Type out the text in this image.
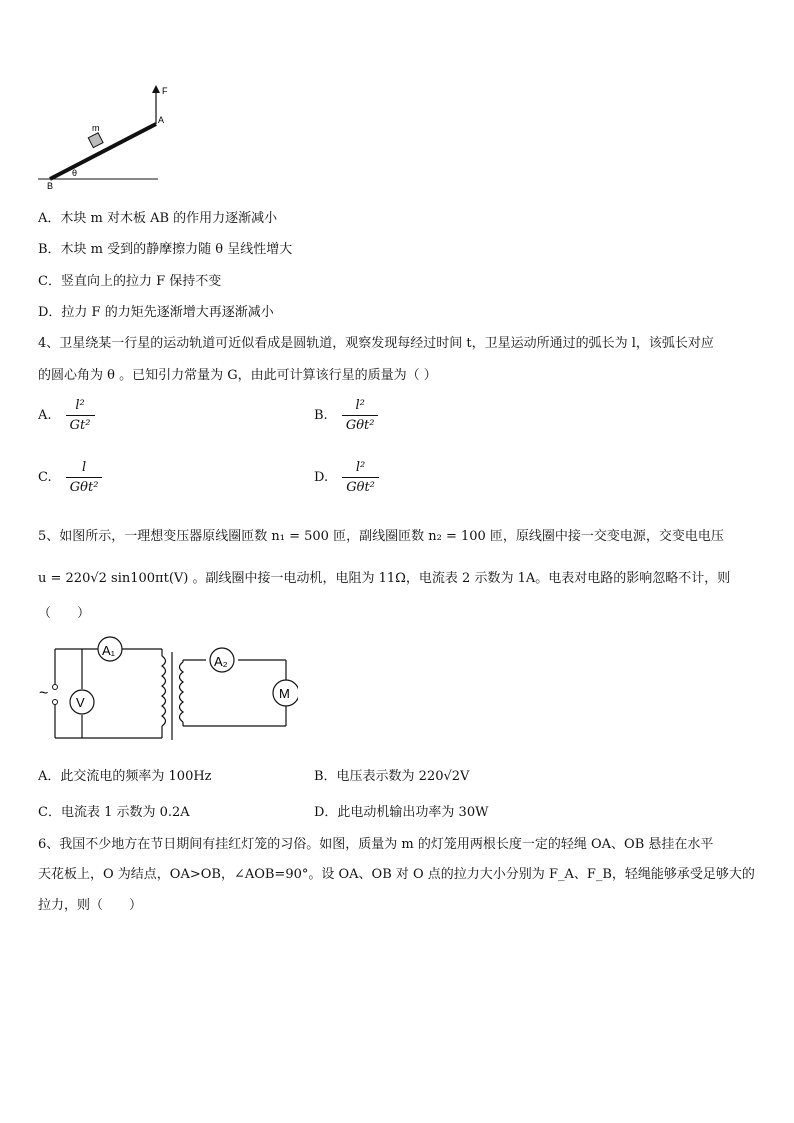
F
A
m
θ
B
A．木块 m 对木板 AB 的作用力逐渐减小
B．木块 m 受到的静摩擦力随 θ 呈线性增大
C．竖直向上的拉力 F 保持不变
D．拉力 F 的力矩先逐渐增大再逐渐减小
4、卫星绕某一行星的运动轨道可近似看成是圆轨道，观察发现每经过时间 t，卫星运动所通过的弧长为 l，该弧长对应
的圆心角为 θ 。已知引力常量为 G，由此可计算该行星的质量为（ ）
A. $\frac{\text{l²}}{\text{Gt²}}$	B. $\frac{\text{l²}}{\text{Gθt²}}$
C. $\frac{l}{\text{Gθt²}}$	D. $\frac{\text{l²}}{\text{Gθt²}}$
5、如图所示，一理想变压器原线圈匝数 n₁ = 500 匝，副线圈匝数 n₂ = 100 匝，原线圈中接一交变电源，交变电电压
u = 220√2 sin100πt(V) 。副线圈中接一电动机，电阻为 11Ω，电流表 2 示数为 1A。电表对电路的影响忽略不计，则
（　　）
~
A₁
V
A₂
M
A．此交流电的频率为 100Hz	B．电压表示数为 220√2V
C．电流表 1 示数为 0.2A	D．此电动机输出功率为 30W
6、我国不少地方在节日期间有挂红灯笼的习俗。如图，质量为 m 的灯笼用两根长度一定的轻绳 OA、OB 悬挂在水平
天花板上，O 为结点，OA>OB，∠AOB=90°。设 OA、OB 对 O 点的拉力大小分别为 F_A、F_B，轻绳能够承受足够大的
拉力，则（　　）
